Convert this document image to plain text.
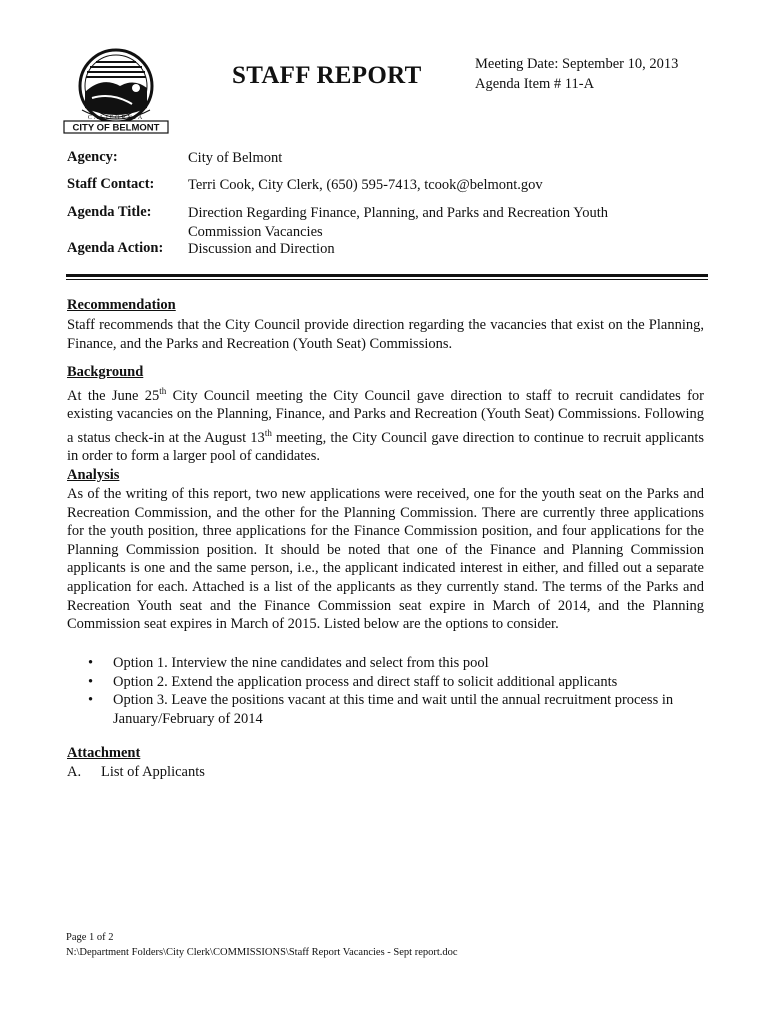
CALIFORNIA
CITY OF BELMONT
STAFF REPORT	Meeting Date: September 10, 2013
Agenda Item # 11-A
Agency:	City of Belmont
Staff Contact: Terri Cook, City Clerk, (650) 595-7413, tcook@belmont.gov
Agenda Title:	Direction Regarding Finance, Planning, and Parks and Recreation Youth Commission Vacancies
Agenda Action: Discussion and Direction
Recommendation
Staff recommends that the City Council provide direction regarding the vacancies that exist on the Planning, Finance, and the Parks and Recreation (Youth Seat) Commissions.
Background
At the June 25th City Council meeting the City Council gave direction to staff to recruit candidates for existing vacancies on the Planning, Finance, and Parks and Recreation (Youth Seat) Commissions. Following a status check-in at the August 13th meeting, the City Council gave direction to continue to recruit applicants in order to form a larger pool of candidates.
Analysis
As of the writing of this report, two new applications were received, one for the youth seat on the Parks and Recreation Commission, and the other for the Planning Commission. There are currently three applications for the youth position, three applications for the Finance Commission position, and four applications for the Planning Commission position. It should be noted that one of the Finance and Planning Commission applicants is one and the same person, i.e., the applicant indicated interest in either, and filled out a separate application for each. Attached is a list of the applicants as they currently stand. The terms of the Parks and Recreation Youth seat and the Finance Commission seat expire in March of 2014, and the Planning Commission seat expires in March of 2015. Listed below are the options to consider.
• Option 1. Interview the nine candidates and select from this pool
• Option 2. Extend the application process and direct staff to solicit additional applicants
• Option 3. Leave the positions vacant at this time and wait until the annual recruitment process in January/February of 2014
Attachment
A. List of Applicants
Page 1 of 2
N:\Department Folders\City Clerk\COMMISSIONS\Staff Report Vacancies - Sept report.doc
